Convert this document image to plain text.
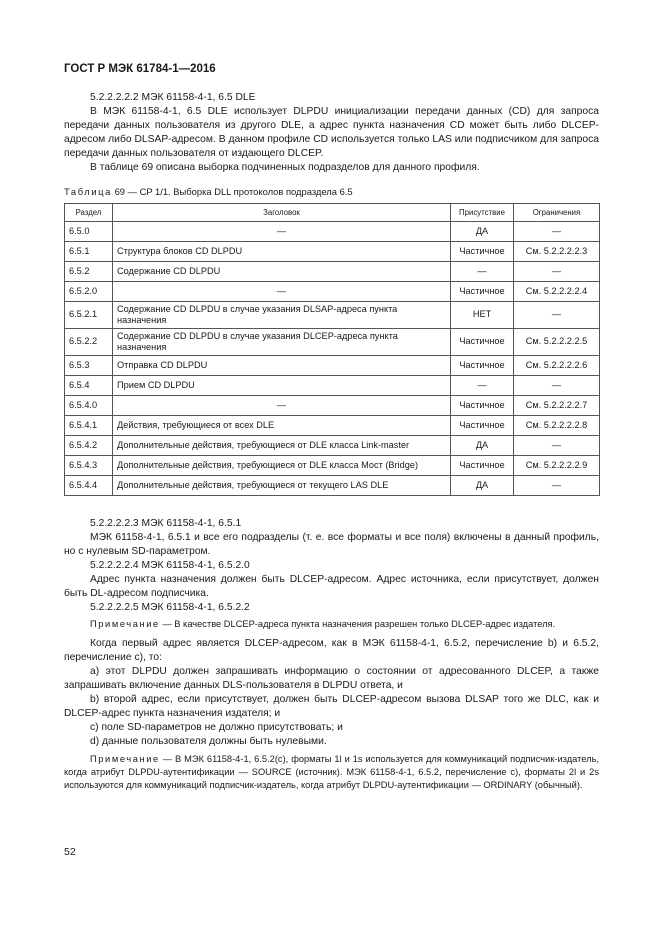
ГОСТ Р МЭК 61784-1—2016

5.2.2.2.2.2 МЭК 61158-4-1, 6.5 DLE

В МЭК 61158-4-1, 6.5 DLE использует DLPDU инициализации передачи данных (CD) для запроса передачи данных пользователя из другого DLE, а адрес пункта назначения CD может быть либо DLCEP-адресом либо DLSAP-адресом. В данном профиле CD используется только LAS или подписчиком для запроса передачи данных пользователя от издающего DLCEP.

В таблице 69 описана выборка подчиненных подразделов для данного профиля.

Таблица 69 — CP 1/1. Выборка DLL протоколов подраздела 6.5
Раздел	Заголовок	Присутствие	Ограничения
6.5.0	—	ДА	—
6.5.1	Структура блоков CD DLPDU	Частичное	См. 5.2.2.2.2.3
6.5.2	Содержание CD DLPDU	—	—
6.5.2.0	—	Частичное	См. 5.2.2.2.2.4
6.5.2.1	Содержание CD DLPDU в случае указания DLSAP-адреса пункта назначения	НЕТ	—
6.5.2.2	Содержание CD DLPDU в случае указания DLCEP-адреса пункта назначения	Частичное	См. 5.2.2.2.2.5
6.5.3	Отправка CD DLPDU	Частичное	См. 5.2.2.2.2.6
6.5.4	Прием CD DLPDU	—	—
6.5.4.0	—	Частичное	См. 5.2.2.2.2.7
6.5.4.1	Действия, требующиеся от всех DLE	Частичное	См. 5.2.2.2.2.8
6.5.4.2	Дополнительные действия, требующиеся от DLE класса Link-master	ДА	—
6.5.4.3	Дополнительные действия, требующиеся от DLE класса Мост (Bridge)	Частичное	См. 5.2.2.2.2.9
6.5.4.4	Дополнительные действия, требующиеся от текущего LAS DLE	ДА	—

5.2.2.2.2.3 МЭК 61158-4-1, 6.5.1

МЭК 61158-4-1, 6.5.1 и все его подразделы (т. е. все форматы и все поля) включены в данный профиль, но с нулевым SD-параметром.

5.2.2.2.2.4 МЭК 61158-4-1, 6.5.2.0

Адрес пункта назначения должен быть DLCEP-адресом. Адрес источника, если присутствует, должен быть DL-адресом подписчика.

5.2.2.2.2.5 МЭК 61158-4-1, 6.5.2.2

Примечание — В качестве DLCEP-адреса пункта назначения разрешен только DLCEP-адрес издателя.

Когда первый адрес является DLCEP-адресом, как в МЭК 61158-4-1, 6.5.2, перечисление b) и 6.5.2, перечисление c), то:

а) этот DLPDU должен запрашивать информацию о состоянии от адресованного DLCEP, а также запрашивать включение данных DLS-пользователя в DLPDU ответа, и

b) второй адрес, если присутствует, должен быть DLCEP-адресом вызова DLSAP того же DLC, как и DLCEP-адрес пункта назначения издателя; и

с) поле SD-параметров не должно присутствовать; и

d) данные пользователя должны быть нулевыми.

Примечание — В МЭК 61158-4-1, 6.5.2(с), форматы 1l и 1s используется для коммуникаций подписчик-издатель, когда атрибут DLPDU-аутентификации — SOURCE (источник). МЭК 61158-4-1, 6.5.2, перечисление с), форматы 2l и 2s используются для коммуникаций подписчик-издатель, когда атрибут DLPDU-аутентификации — ORDINARY (обычный).

52
